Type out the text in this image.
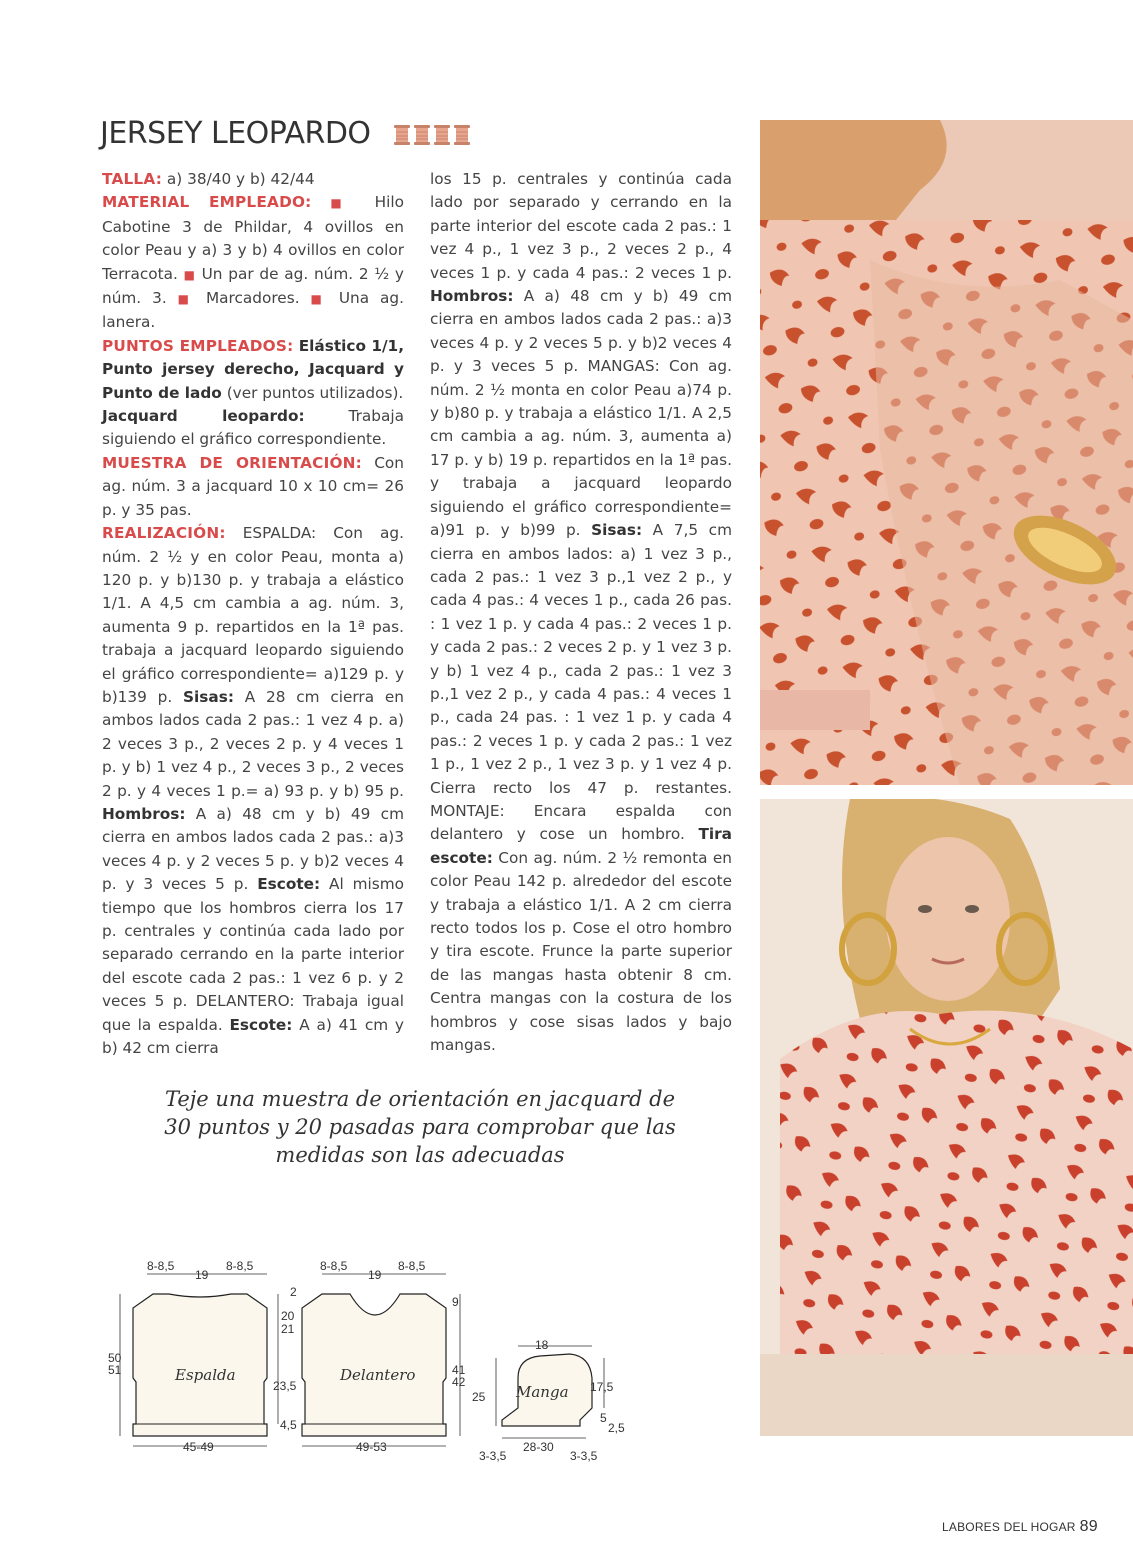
JERSEY LEOPARDO

TALLA: a) 38/40 y b) 42/44

MATERIAL EMPLEADO: ■ Hilo Cabotine 3 de Phildar, 4 ovillos en color Peau y a) 3 y b) 4 ovillos en color Terracota. ■ Un par de ag. núm. 2 ½ y núm. 3. ■ Marcadores. ■ Una ag. lanera.

PUNTOS EMPLEADOS: Elástico 1/1, Punto jersey derecho, Jacquard y Punto de lado (ver puntos utilizados).

Jacquard leopardo: Trabaja siguiendo el gráfico correspondiente.

MUESTRA DE ORIENTACIÓN: Con ag. núm. 3 a jacquard 10 x 10 cm= 26 p. y 35 pas.

REALIZACIÓN: ESPALDA: Con ag. núm. 2 ½ y en color Peau, monta a) 120 p. y b)130 p. y trabaja a elástico 1/1. A 4,5 cm cambia a ag. núm. 3, aumenta 9 p. repartidos en la 1ª pas. trabaja a jacquard leopardo siguiendo el gráfico correspondiente= a)129 p. y b)139 p. Sisas: A 28 cm cierra en ambos lados cada 2 pas.: 1 vez 4 p. a) 2 veces 3 p., 2 veces 2 p. y 4 veces 1 p. y b) 1 vez 4 p., 2 veces 3 p., 2 veces 2 p. y 4 veces 1 p.= a) 93 p. y b) 95 p. Hombros: A a) 48 cm y b) 49 cm cierra en ambos lados cada 2 pas.: a)3 veces 4 p. y 2 veces 5 p. y b)2 veces 4 p. y 3 veces 5 p. Escote: Al mismo tiempo que los hombros cierra los 17 p. centrales y continúa cada lado por separado cerrando en la parte interior del escote cada 2 pas.: 1 vez 6 p. y 2 veces 5 p. DELANTERO: Trabaja igual que la espalda. Escote: A a) 41 cm y b) 42 cm cierra

los 15 p. centrales y continúa cada lado por separado y cerrando en la parte interior del escote cada 2 pas.: 1 vez 4 p., 1 vez 3 p., 2 veces 2 p., 4 veces 1 p. y cada 4 pas.: 2 veces 1 p. Hombros: A a) 48 cm y b) 49 cm cierra en ambos lados cada 2 pas.: a)3 veces 4 p. y 2 veces 5 p. y b)2 veces 4 p. y 3 veces 5 p. MANGAS: Con ag. núm. 2 ½ monta en color Peau a)74 p. y b)80 p. y trabaja a elástico 1/1. A 2,5 cm cambia a ag. núm. 3, aumenta a) 17 p. y b) 19 p. repartidos en la 1ª pas. y trabaja a jacquard leopardo siguiendo el gráfico correspondiente= a)91 p. y b)99 p. Sisas: A 7,5 cm cierra en ambos lados: a) 1 vez 3 p., cada 2 pas.: 1 vez 3 p.,1 vez 2 p., y cada 4 pas.: 4 veces 1 p., cada 26 pas. : 1 vez 1 p. y cada 4 pas.: 2 veces 1 p. y cada 2 pas.: 2 veces 2 p. y 1 vez 3 p. y b) 1 vez 4 p., cada 2 pas.: 1 vez 3 p.,1 vez 2 p., y cada 4 pas.: 4 veces 1 p., cada 24 pas. : 1 vez 1 p. y cada 4 pas.: 2 veces 1 p. y cada 2 pas.: 1 vez 1 p., 1 vez 2 p., 1 vez 3 p. y 1 vez 4 p. Cierra recto los 47 p. restantes. MONTAJE: Encara espalda con delantero y cose un hombro. Tira escote: Con ag. núm. 2 ½ remonta en color Peau 142 p. alrededor del escote y trabaja a elástico 1/1. A 2 cm cierra recto todos los p. Cose el otro hombro y tira escote. Frunce la parte superior de las mangas hasta obtenir 8 cm. Centra mangas con la costura de los hombros y cose sisas lados y bajo mangas.

Teje una muestra de orientación en jacquard de 30 puntos y 20 pasadas para comprobar que las medidas son las adecuadas
8-8,5
19
8-8,5
2
20
21
50
51
23,5
4,5
45-49
Espalda
8-8,5
19
8-8,5
9
41
42
49-53
Delantero
18
25
17,5
5
2,5
28-30
3-3,5	3-3,5
Manga
LABORES DEL HOGAR 89
